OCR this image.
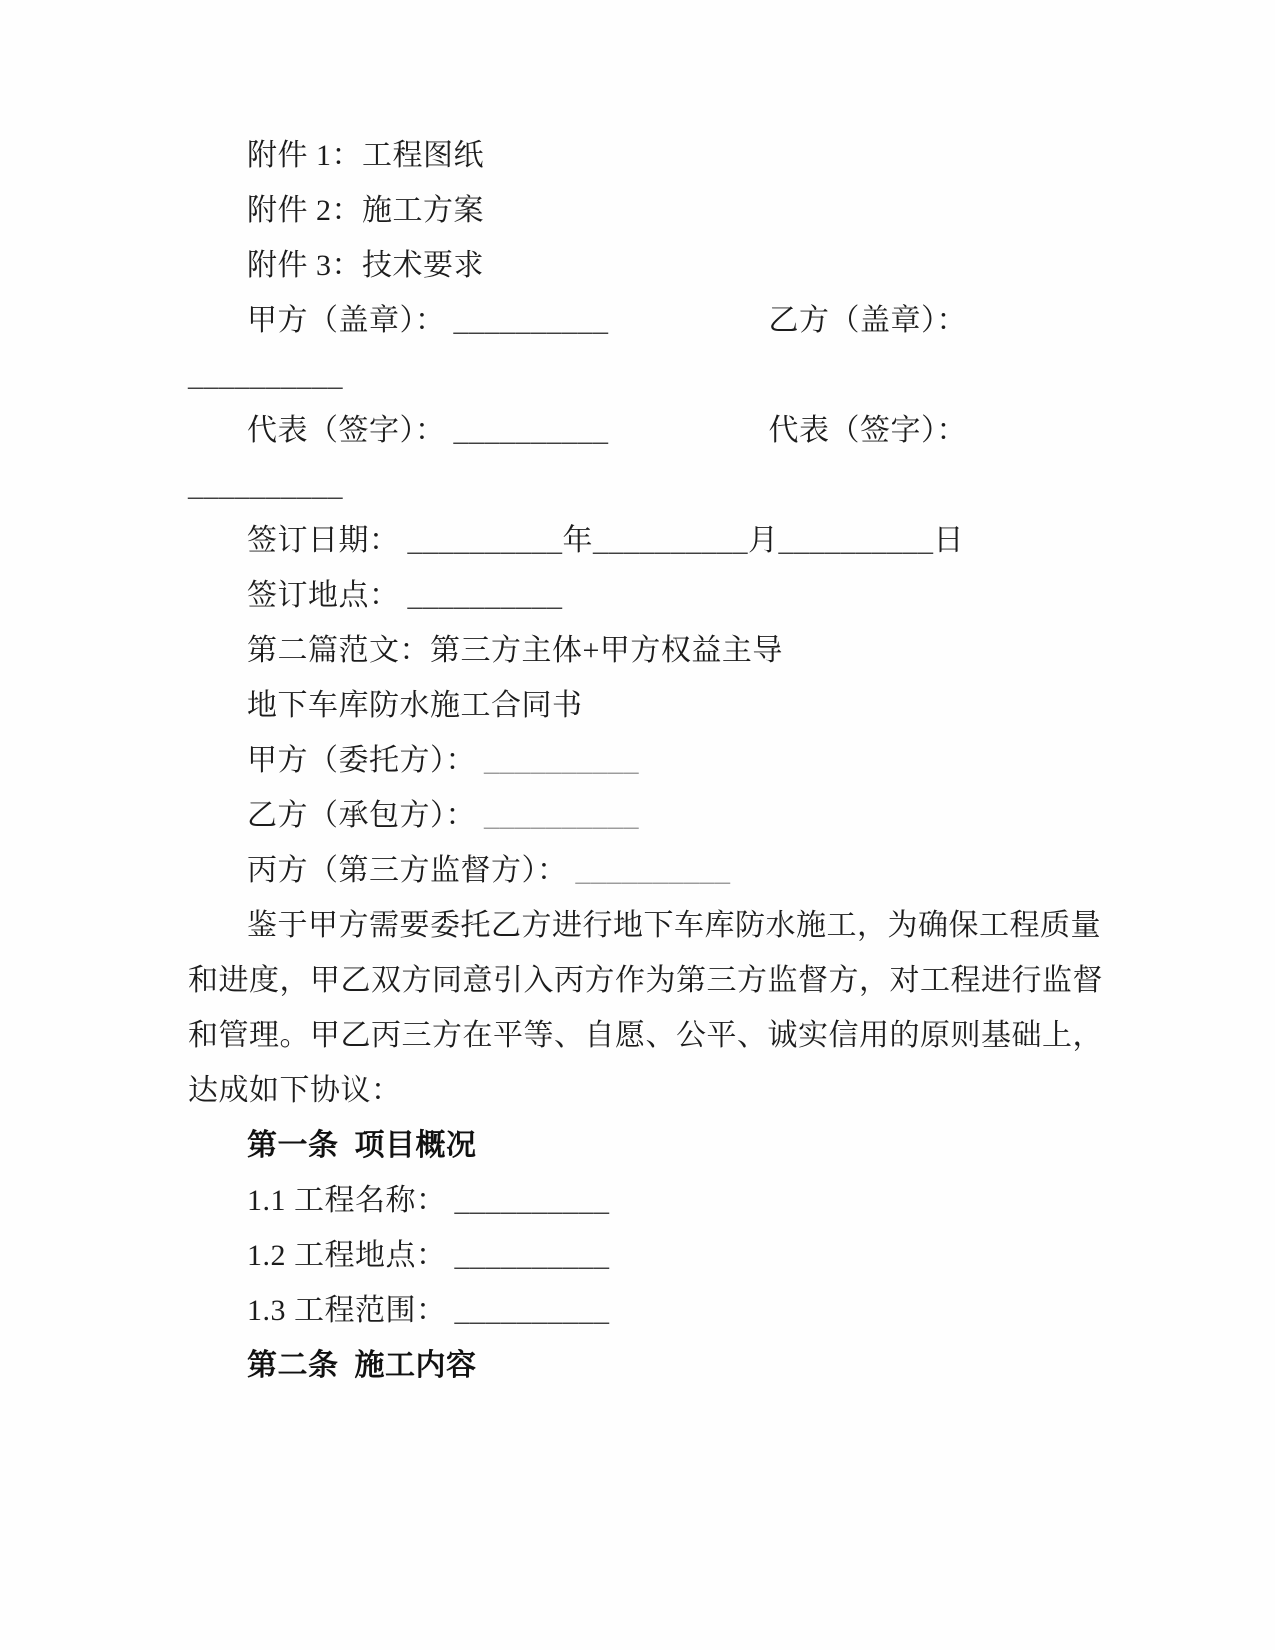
附件 1：工程图纸
附件 2：施工方案
附件 3：技术要求
甲方（盖章）： __________	乙方（盖章）：
__________
代表（签字）： __________	代表（签字）：
__________
签订日期： __________年__________月__________日
签订地点： __________
第二篇范文：第三方主体+甲方权益主导
地下车库防水施工合同书
甲方（委托方）： __________
乙方（承包方）： __________
丙方（第三方监督方）： __________
鉴于甲方需要委托乙方进行地下车库防水施工，为确保工程质量
和进度，甲乙双方同意引入丙方作为第三方监督方，对工程进行监督
和管理。甲乙丙三方在平等、自愿、公平、诚实信用的原则基础上，
达成如下协议：
第一条  项目概况
1.1 工程名称： __________
1.2 工程地点： __________
1.3 工程范围： __________
第二条  施工内容
